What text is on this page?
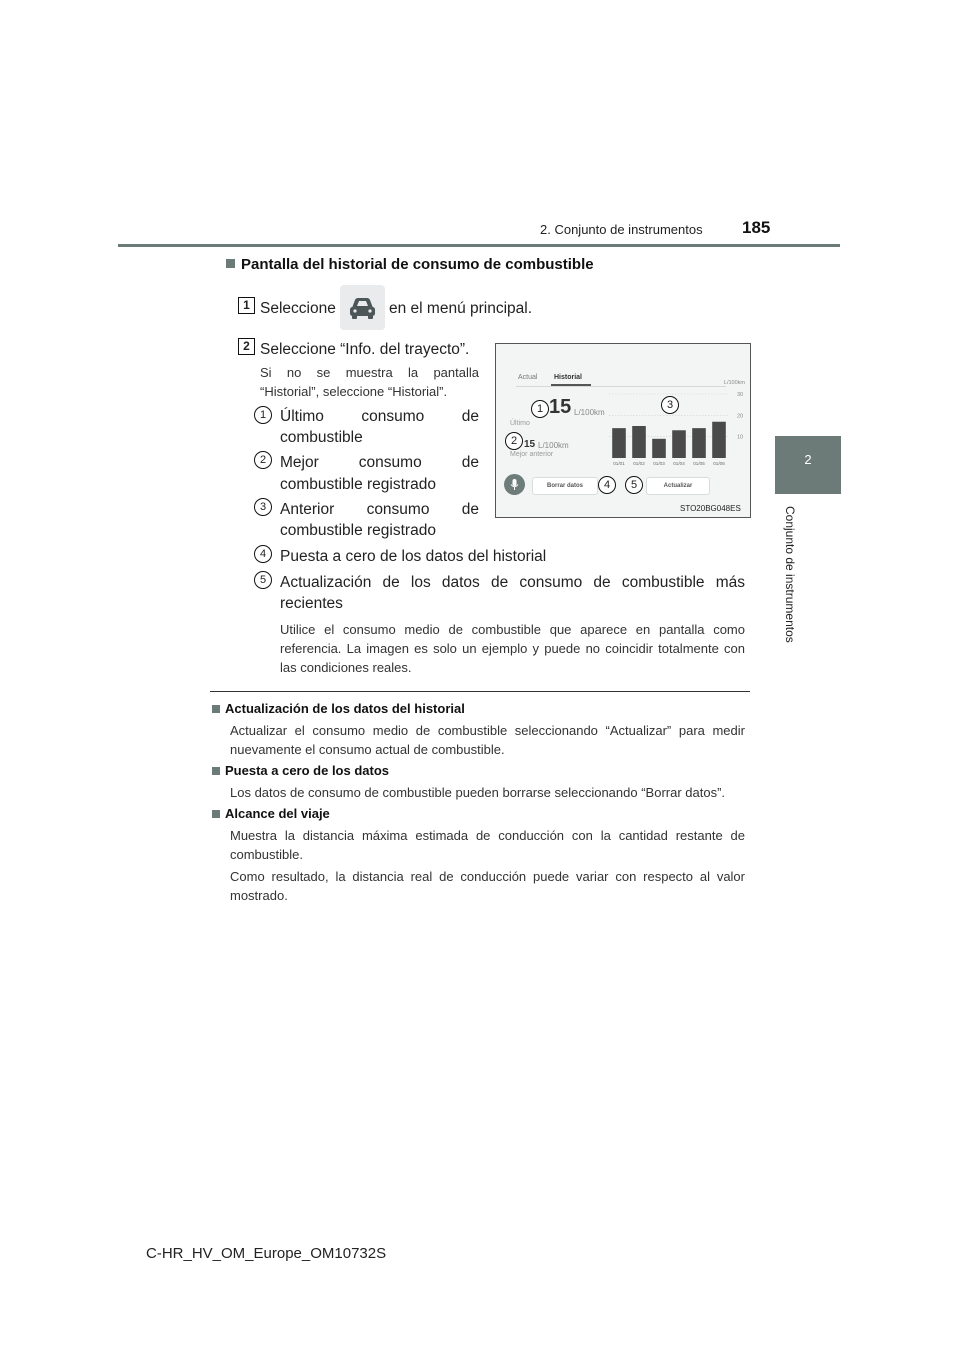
2. Conjunto de instrumentos 185
2
Conjunto de instrumentos
Pantalla del historial de consumo de combustible
1 Seleccione	en el menú principal.
2 Seleccione “Info. del trayecto”.
Si no se muestra la pantalla
“Historial”, seleccione “Historial”.
1 Último consumo de
combustible
2 Mejor consumo de
combustible registrado
3 Anterior consumo de
combustible registrado
4 Puesta a cero de los datos del historial
5 Actualización de los datos de consumo de combustible más
recientes
Utilice el consumo medio de combustible que aparece en pantalla como
referencia. La imagen es solo un ejemplo y puede no coincidir totalmente con
las condiciones reales.
Actual Historial
1 15 L/100km
Último
2 15 L/100km
Mejor anterior
3
L/100km
30
20
10
01/01 01/02 01/03 01/04 01/05 01/06
Borrar datos	4	5	Actualizar
STO20BG048ES
Actualización de los datos del historial
Actualizar el consumo medio de combustible seleccionando “Actualizar” para medir
nuevamente el consumo actual de combustible.
Puesta a cero de los datos
Los datos de consumo de combustible pueden borrarse seleccionando “Borrar datos”.
Alcance del viaje
Muestra la distancia máxima estimada de conducción con la cantidad restante de
combustible.
Como resultado, la distancia real de conducción puede variar con respecto al valor
mostrado.
C-HR_HV_OM_Europe_OM10732S
